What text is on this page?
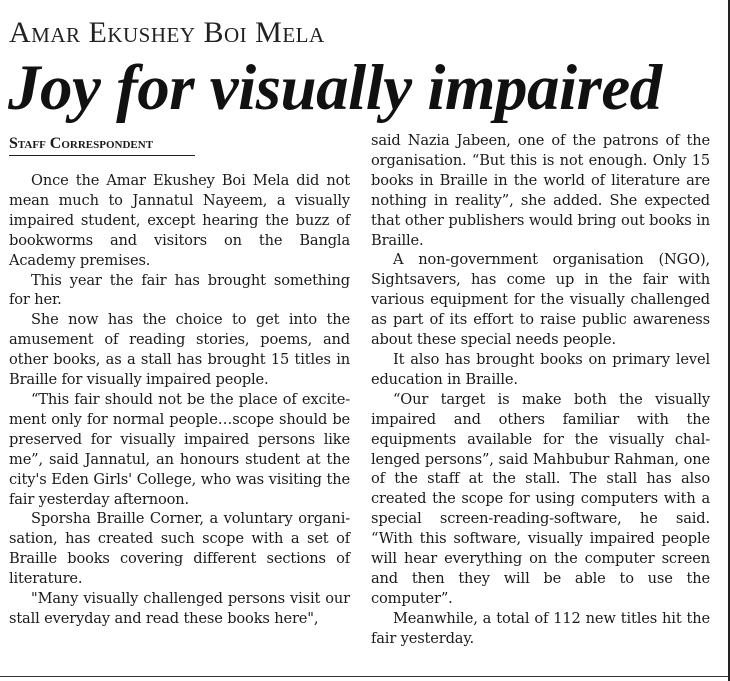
Amar Ekushey Boi Mela
Joy for visually impaired
Staff Correspondent

Once the Amar Ekushey Boi Mela did not mean much to Jannatul Nayeem, a visually impaired student, except hearing the buzz of bookworms and visitors on the Bangla Academy premises.

This year the fair has brought something for her.

She now has the choice to get into the amusement of reading stories, poems, and other books, as a stall has brought 15 titles in Braille for visually impaired people.

“This fair should not be the place of excite-ment only for normal people…scope should be preserved for visually impaired persons like me”, said Jannatul, an honours student at the city's Eden Girls' College, who was visiting the fair yesterday afternoon.

Sporsha Braille Corner, a voluntary organi-sation, has created such scope with a set of Braille books covering different sections of literature.

"Many visually challenged persons visit our stall everyday and read these books here",

said Nazia Jabeen, one of the patrons of the organisation. “But this is not enough. Only 15 books in Braille in the world of literature are nothing in reality”, she added. She expected that other publishers would bring out books in Braille.

A non-government organisation (NGO), Sightsavers, has come up in the fair with various equipment for the visually challenged as part of its effort to raise public awareness about these special needs people.

It also has brought books on primary level education in Braille.

“Our target is make both the visually impaired and others familiar with the equipments available for the visually chal-lenged persons”, said Mahbubur Rahman, one of the staff at the stall. The stall has also created the scope for using computers with a special screen-reading-software, he said. “With this software, visually impaired people will hear everything on the computer screen and then they will be able to use the computer”.

Meanwhile, a total of 112 new titles hit the fair yesterday.
